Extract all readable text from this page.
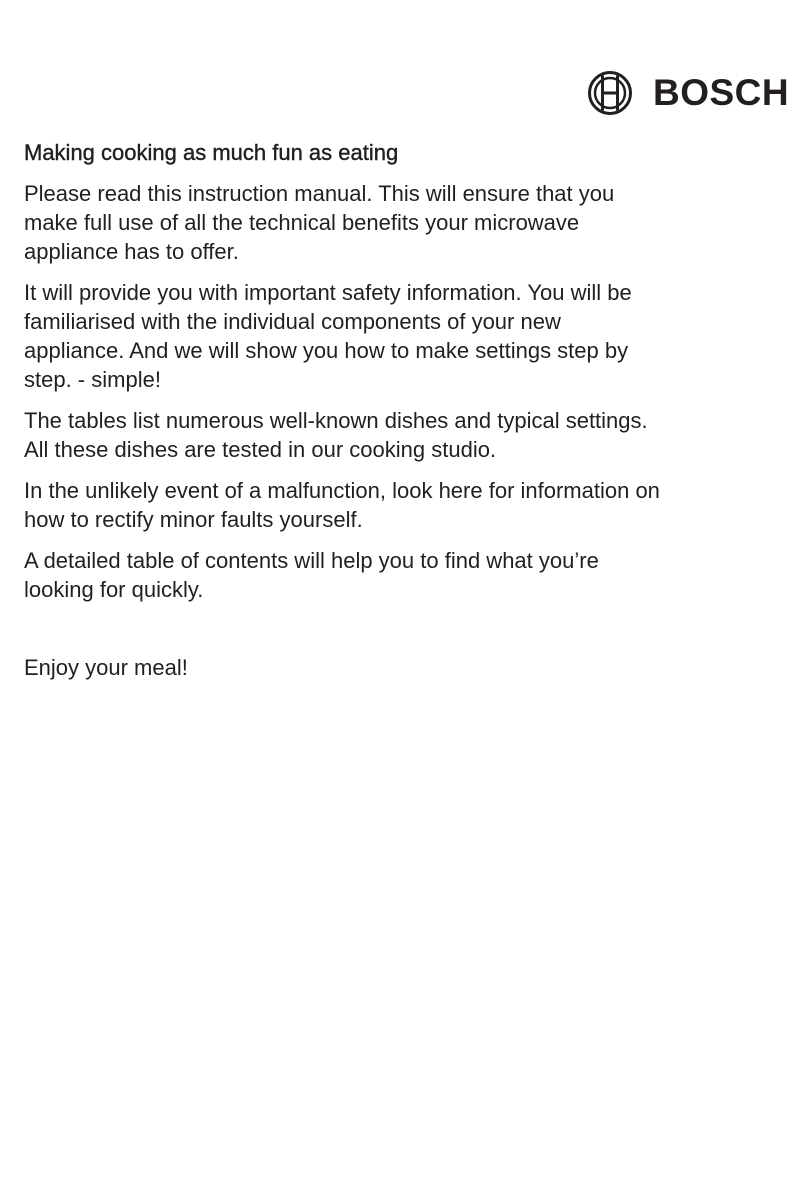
BOSCH
Making cooking as much fun as eating

Please read this instruction manual. This will ensure that you make full use of all the technical benefits your microwave appliance has to offer.

It will provide you with important safety information. You will be familiarised with the individual components of your new appliance. And we will show you how to make settings step by step. - simple!

The tables list numerous well-known dishes and typical settings. All these dishes are tested in our cooking studio.

In the unlikely event of a malfunction, look here for information on how to rectify minor faults yourself.

A detailed table of contents will help you to find what you’re looking for quickly.

Enjoy your meal!
